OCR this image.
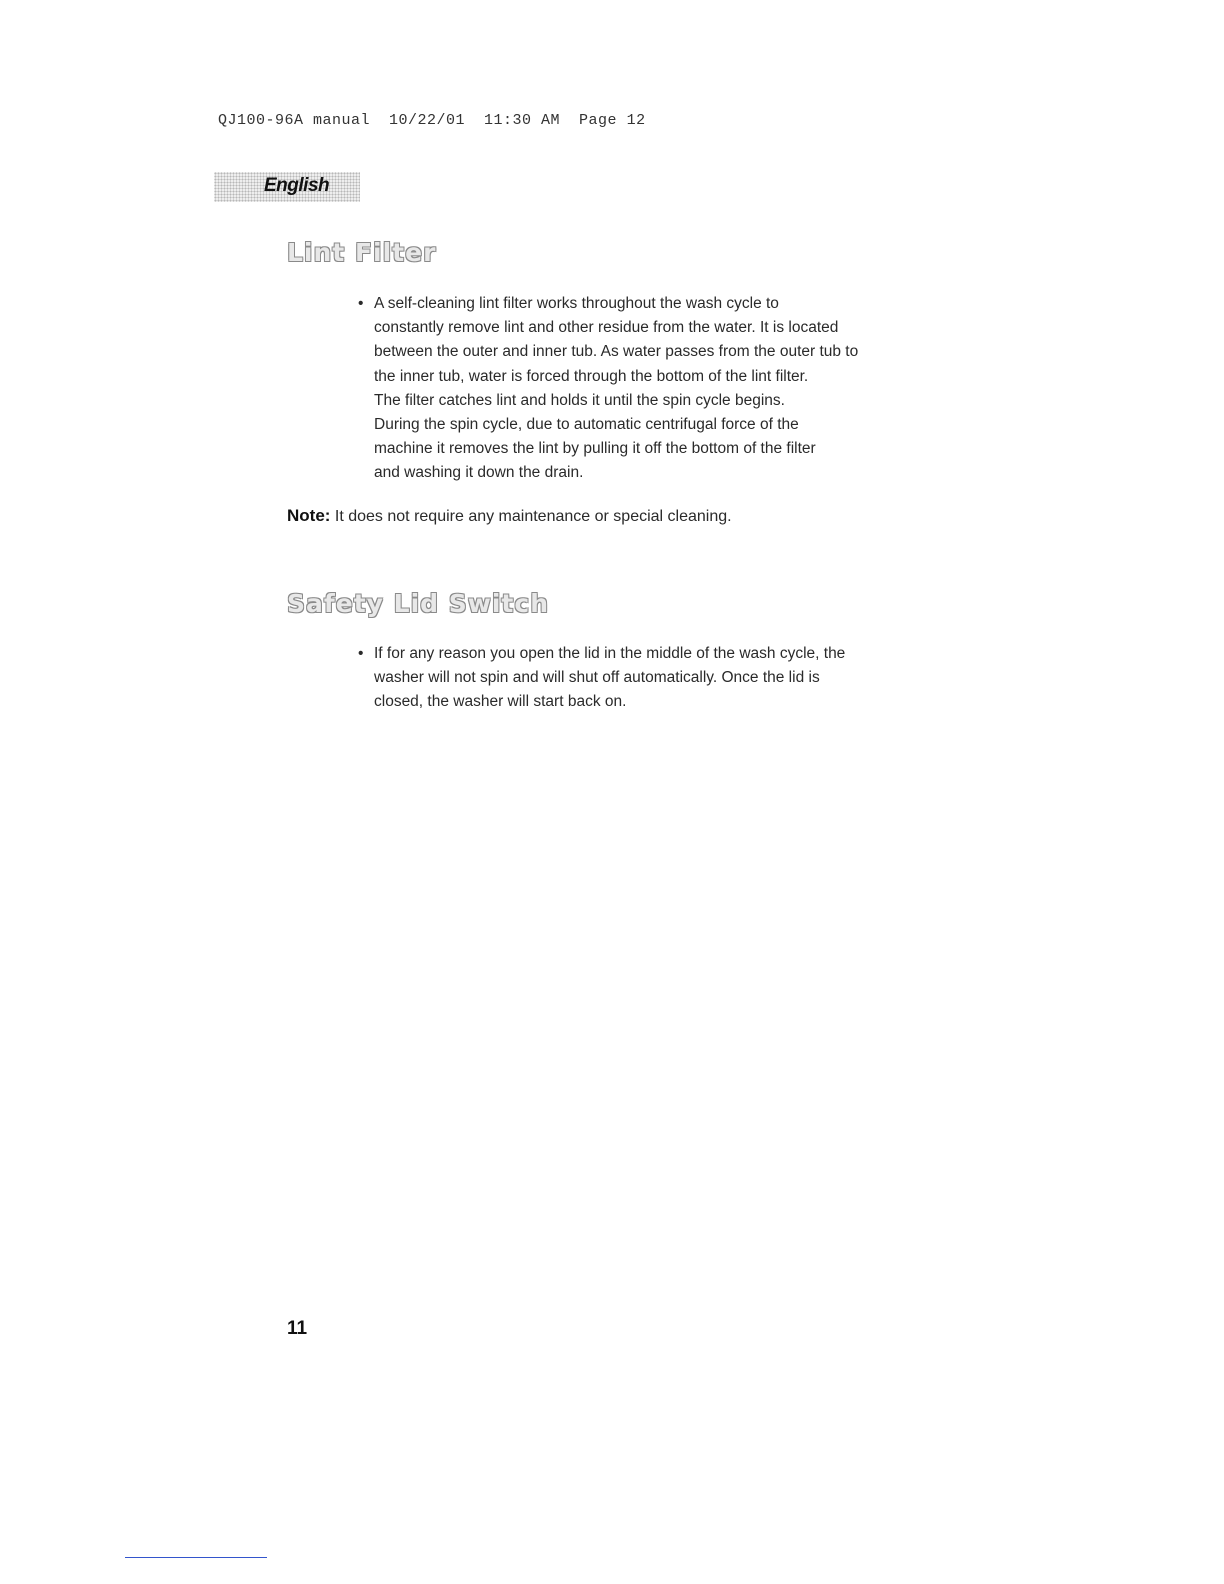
QJ100-96A manual  10/22/01  11:30 AM  Page 12
English
Lint Filter
• A self-cleaning lint filter works throughout the wash cycle to
constantly remove lint and other residue from the water. It is located
between the outer and inner tub. As water passes from the outer tub to
the inner tub, water is forced through the bottom of the lint filter.
The filter catches lint and holds it until the spin cycle begins.
During the spin cycle, due to automatic centrifugal force of the
machine it removes the lint by pulling it off the bottom of the filter
and washing it down the drain.
Note: It does not require any maintenance or special cleaning.
Safety Lid Switch
• If for any reason you open the lid in the middle of the wash cycle, the
washer will not spin and will shut off automatically. Once the lid is
closed, the washer will start back on.
11
